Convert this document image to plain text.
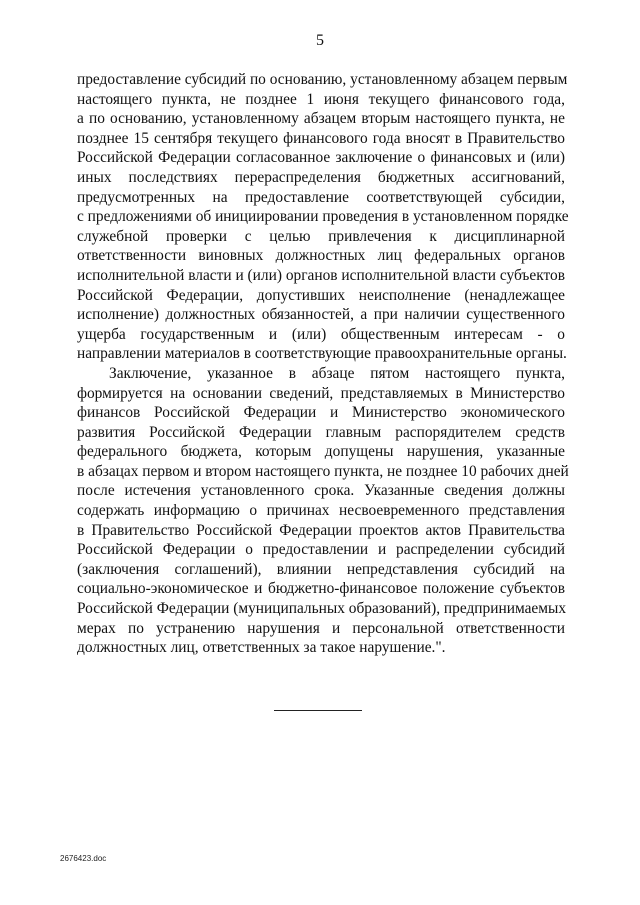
5
предоставление субсидий по основанию, установленному абзацем первым
настоящего пункта, не позднее 1 июня текущего финансового года,
а по основанию, установленному абзацем вторым настоящего пункта, не
позднее 15 сентября текущего финансового года вносят в Правительство
Российской Федерации согласованное заключение о финансовых и (или)
иных последствиях перераспределения бюджетных ассигнований,
предусмотренных на предоставление соответствующей субсидии,
с предложениями об инициировании проведения в установленном порядке
служебной проверки с целью привлечения к дисциплинарной
ответственности виновных должностных лиц федеральных органов
исполнительной власти и (или) органов исполнительной власти субъектов
Российской Федерации, допустивших неисполнение (ненадлежащее
исполнение) должностных обязанностей, а при наличии существенного
ущерба государственным и (или) общественным интересам - о
направлении материалов в соответствующие правоохранительные органы.
Заключение, указанное в абзаце пятом настоящего пункта,
формируется на основании сведений, представляемых в Министерство
финансов Российской Федерации и Министерство экономического
развития Российской Федерации главным распорядителем средств
федерального бюджета, которым допущены нарушения, указанные
в абзацах первом и втором настоящего пункта, не позднее 10 рабочих дней
после истечения установленного срока. Указанные сведения должны
содержать информацию о причинах несвоевременного представления
в Правительство Российской Федерации проектов актов Правительства
Российской Федерации о предоставлении и распределении субсидий
(заключения соглашений), влиянии непредставления субсидий на
социально-экономическое и бюджетно-финансовое положение субъектов
Российской Федерации (муниципальных образований), предпринимаемых
мерах по устранению нарушения и персональной ответственности
должностных лиц, ответственных за такое нарушение.".
2676423.doc
